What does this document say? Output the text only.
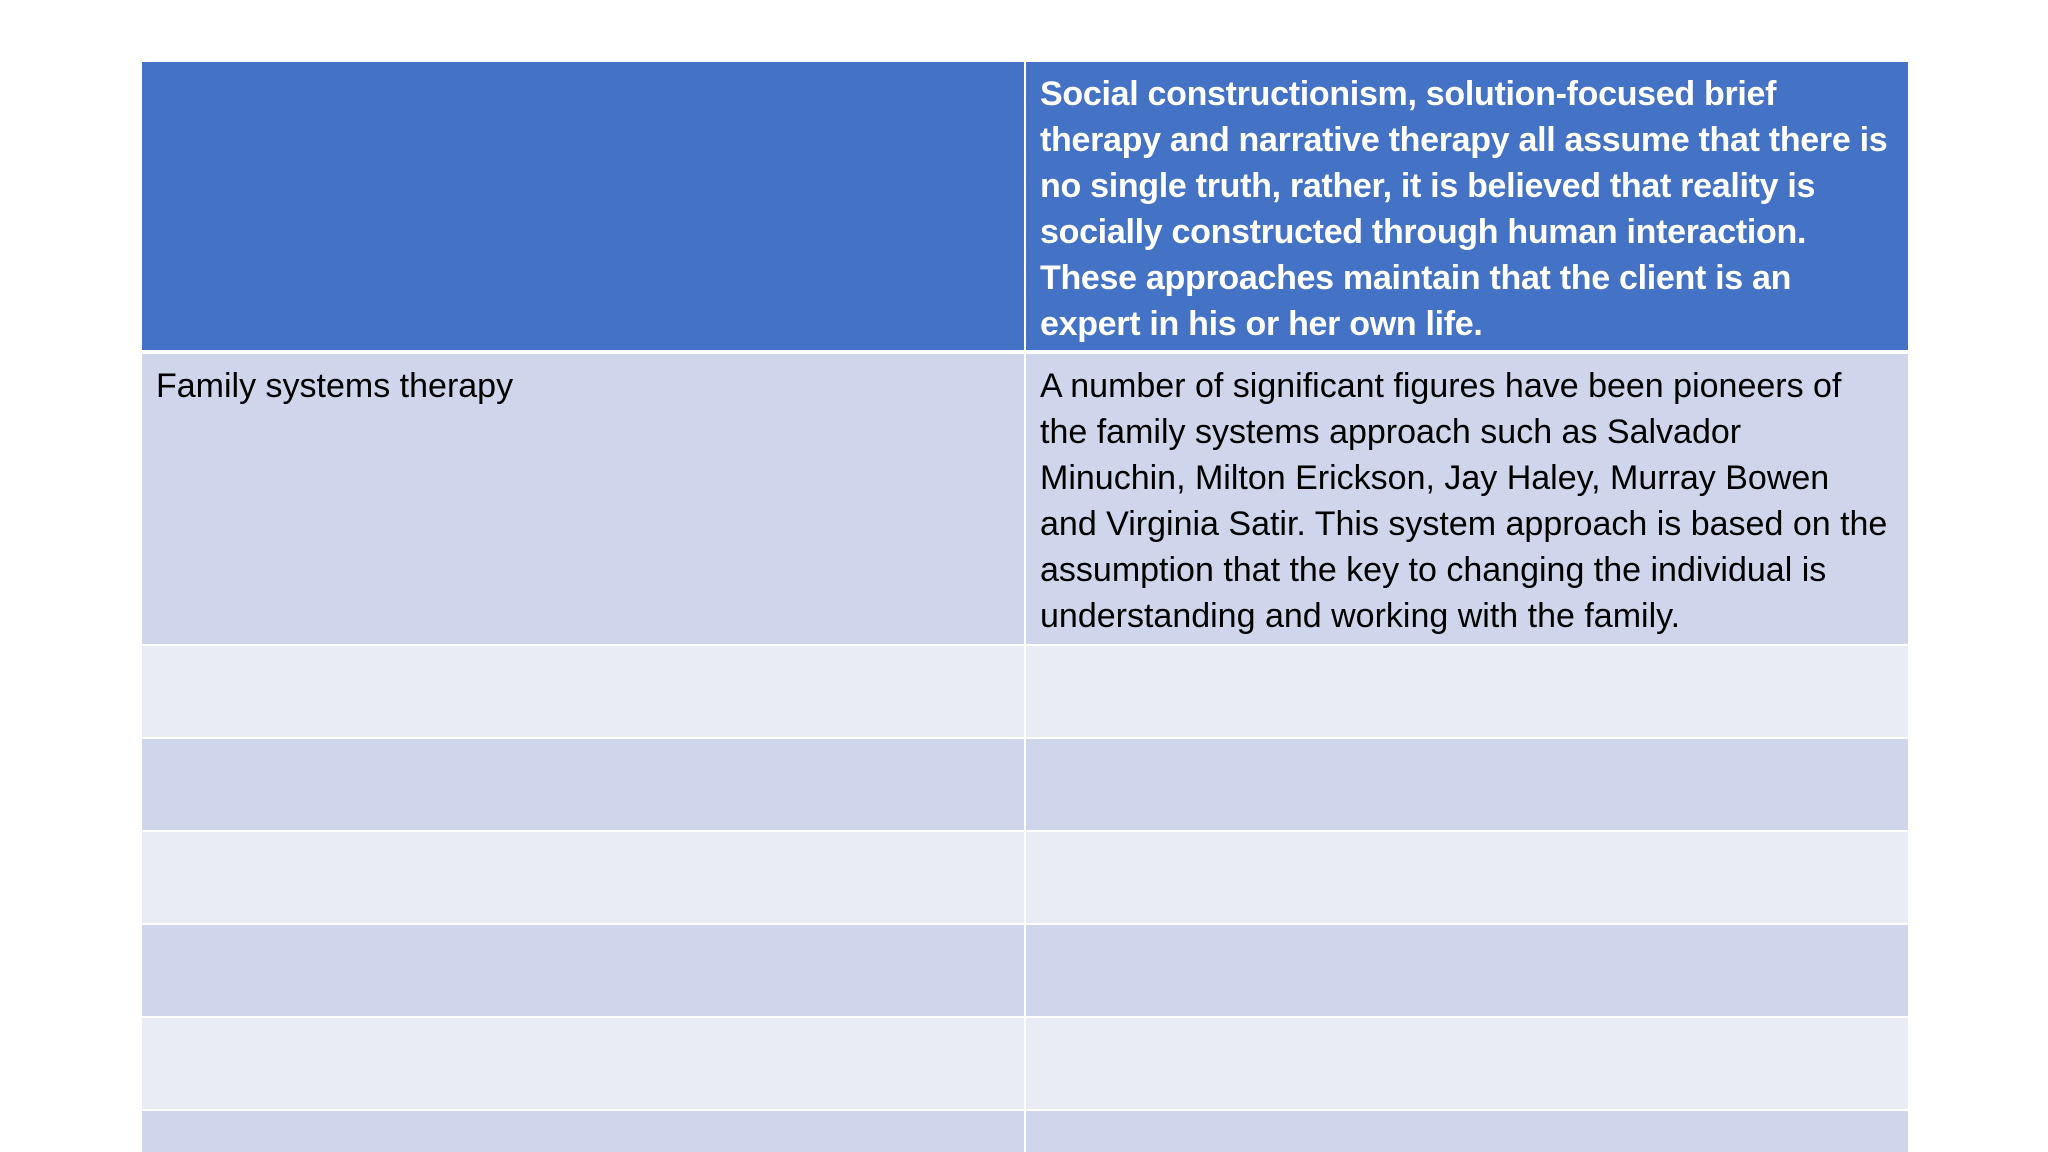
Social constructionism, solution-focused brief therapy and narrative therapy all assume that there is no single truth, rather, it is believed that reality is socially constructed through human interaction. These approaches maintain that the client is an expert in his or her own life.
Family systems therapy	A number of significant figures have been pioneers of the family systems approach such as Salvador Minuchin, Milton Erickson, Jay Haley, Murray Bowen and Virginia Satir. This system approach is based on the assumption that the key to changing the individual is understanding and working with the family.
